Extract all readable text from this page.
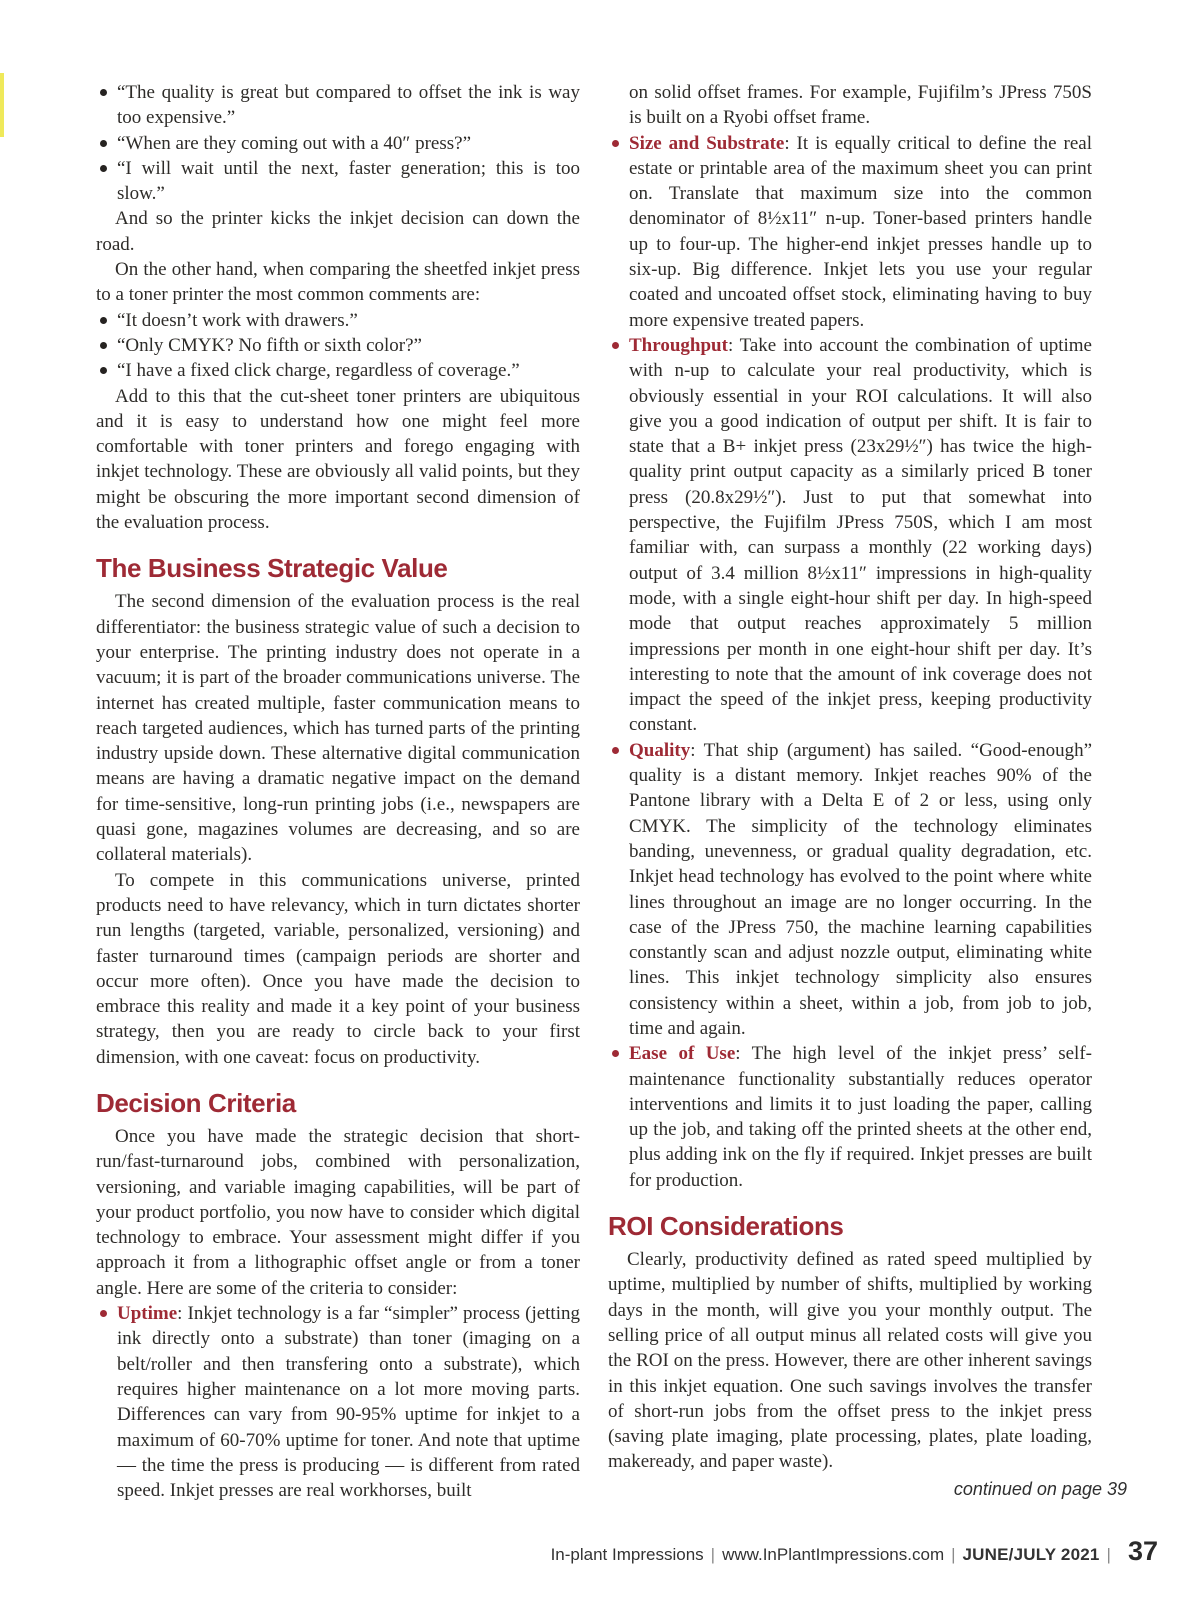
“The quality is great but compared to offset the ink is way too expensive.”
“When are they coming out with a 40″ press?”
“I will wait until the next, faster generation; this is too slow.”

And so the printer kicks the inkjet decision can down the road.

On the other hand, when comparing the sheetfed inkjet press to a toner printer the most common comments are:

“It doesn’t work with drawers.”
“Only CMYK? No fifth or sixth color?”
“I have a fixed click charge, regardless of coverage.”

Add to this that the cut-sheet toner printers are ubiquitous and it is easy to understand how one might feel more comfortable with toner printers and forego engaging with inkjet technology. These are obviously all valid points, but they might be obscuring the more important second dimension of the evaluation process.

The Business Strategic Value

The second dimension of the evaluation process is the real differentiator: the business strategic value of such a decision to your enterprise. The printing industry does not operate in a vacuum; it is part of the broader communications universe. The internet has created multiple, faster communication means to reach targeted audiences, which has turned parts of the printing industry upside down. These alternative digital communication means are having a dramatic negative impact on the demand for time-sensitive, long-run printing jobs (i.e., newspapers are quasi gone, magazines volumes are decreasing, and so are collateral materials).

To compete in this communications universe, printed products need to have relevancy, which in turn dictates shorter run lengths (targeted, variable, personalized, versioning) and faster turnaround times (campaign periods are shorter and occur more often). Once you have made the decision to embrace this reality and made it a key point of your business strategy, then you are ready to circle back to your first dimension, with one caveat: focus on productivity.

Decision Criteria

Once you have made the strategic decision that short-run/fast-turnaround jobs, combined with personalization, versioning, and variable imaging capabilities, will be part of your product portfolio, you now have to consider which digital technology to embrace. Your assessment might differ if you approach it from a lithographic offset angle or from a toner angle. Here are some of the criteria to consider:

Uptime: Inkjet technology is a far “simpler” process (jetting ink directly onto a substrate) than toner (imaging on a belt/roller and then transfering onto a substrate), which requires higher maintenance on a lot more moving parts. Differences can vary from 90-95% uptime for inkjet to a maximum of 60-70% uptime for toner. And note that uptime — the time the press is producing — is different from rated speed. Inkjet presses are real workhorses, built

on solid offset frames. For example, Fujifilm’s JPress 750S is built on a Ryobi offset frame.

Size and Substrate: It is equally critical to define the real estate or printable area of the maximum sheet you can print on. Translate that maximum size into the common denominator of 8½x11″ n-up. Toner-based printers handle up to four-up. The higher-end inkjet presses handle up to six-up. Big difference. Inkjet lets you use your regular coated and uncoated offset stock, eliminating having to buy more expensive treated papers.

Throughput: Take into account the combination of uptime with n-up to calculate your real productivity, which is obviously essential in your ROI calculations. It will also give you a good indication of output per shift. It is fair to state that a B+ inkjet press (23x29½″) has twice the high-quality print output capacity as a similarly priced B toner press (20.8x29½″). Just to put that somewhat into perspective, the Fujifilm JPress 750S, which I am most familiar with, can surpass a monthly (22 working days) output of 3.4 million 8½x11″ impressions in high-quality mode, with a single eight-hour shift per day. In high-speed mode that output reaches approximately 5 million impressions per month in one eight-hour shift per day. It’s interesting to note that the amount of ink coverage does not impact the speed of the inkjet press, keeping productivity constant.

Quality: That ship (argument) has sailed. “Good-enough” quality is a distant memory. Inkjet reaches 90% of the Pantone library with a Delta E of 2 or less, using only CMYK. The simplicity of the technology eliminates banding, unevenness, or gradual quality degradation, etc. Inkjet head technology has evolved to the point where white lines throughout an image are no longer occurring. In the case of the JPress 750, the machine learning capabilities constantly scan and adjust nozzle output, eliminating white lines. This inkjet technology simplicity also ensures consistency within a sheet, within a job, from job to job, time and again.

Ease of Use: The high level of the inkjet press’ self-maintenance functionality substantially reduces operator interventions and limits it to just loading the paper, calling up the job, and taking off the printed sheets at the other end, plus adding ink on the fly if required. Inkjet presses are built for production.

ROI Considerations

Clearly, productivity defined as rated speed multiplied by uptime, multiplied by number of shifts, multiplied by working days in the month, will give you your monthly output. The selling price of all output minus all related costs will give you the ROI on the press. However, there are other inherent savings in this inkjet equation. One such savings involves the transfer of short-run jobs from the offset press to the inkjet press (saving plate imaging, plate processing, plates, plate loading, makeready, and paper waste).

continued on page 39

In-plant Impressions | www.InPlantImpressions.com | JUNE/JULY 2021 | 37
